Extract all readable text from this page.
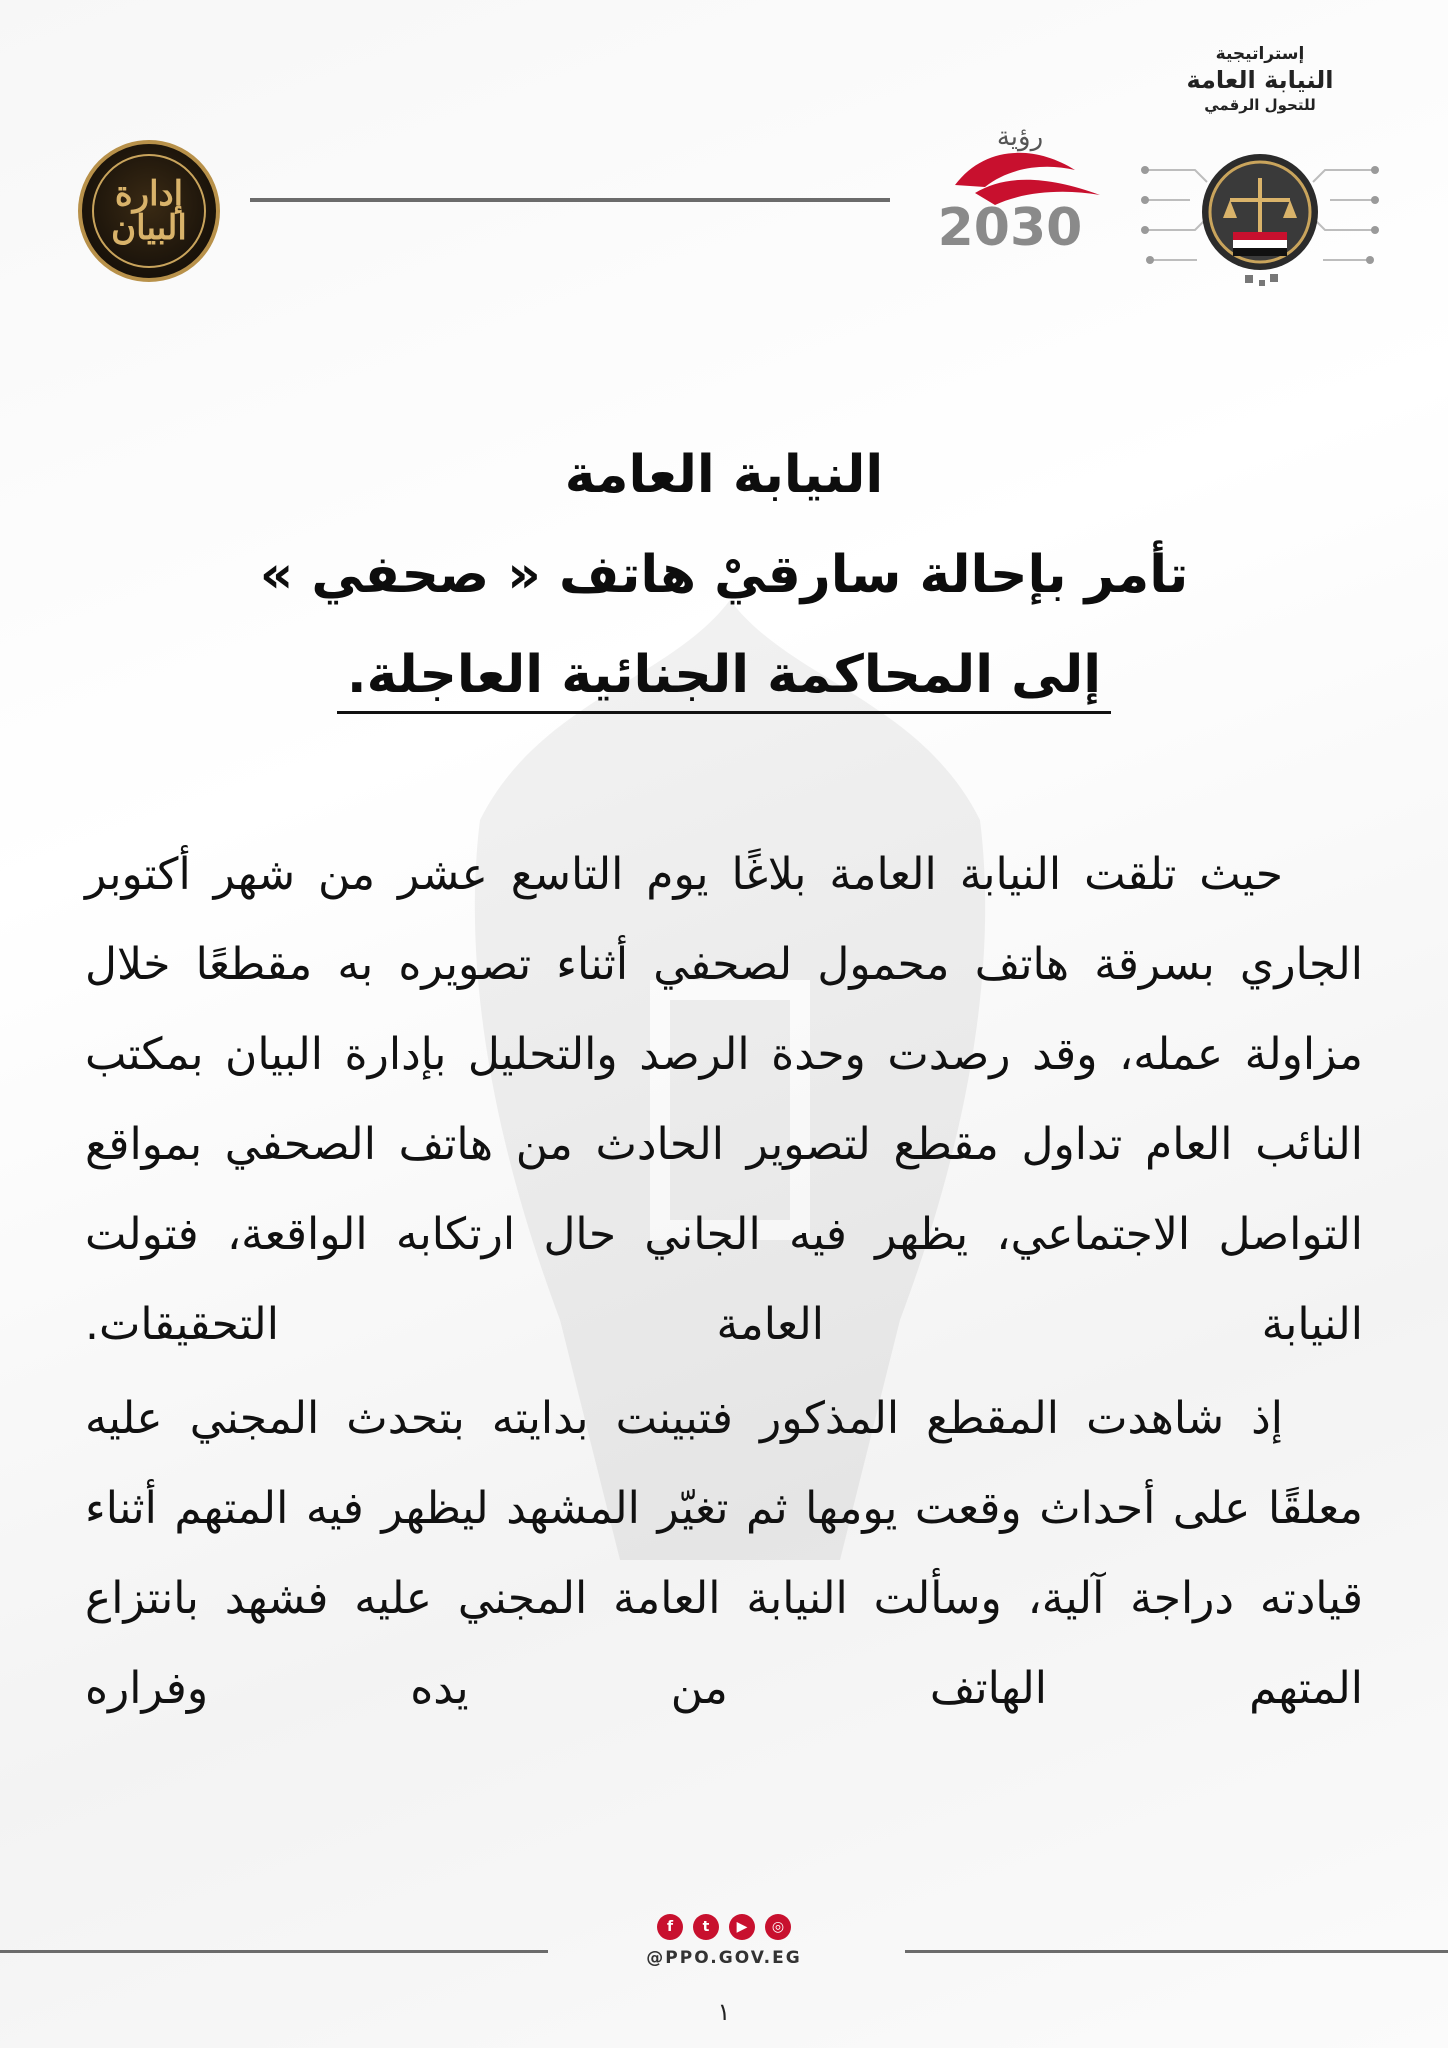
إدارة البيان
رؤية
2030
إستراتيجية
النيابة العامة
للتحول الرقمي
النيابة العامة
تأمر بإحالة سارقيْ هاتف « صحفي »
إلى المحاكمة الجنائية العاجلة.

حيث تلقت النيابة العامة بلاغًا يوم التاسع عشر من شهر أكتوبر الجاري بسرقة هاتف محمول لصحفي أثناء تصويره به مقطعًا خلال مزاولة عمله، وقد رصدت وحدة الرصد والتحليل بإدارة البيان بمكتب النائب العام تداول مقطع لتصوير الحادث من هاتف الصحفي بمواقع التواصل الاجتماعي، يظهر فيه الجاني حال ارتكابه الواقعة، فتولت النيابة العامة التحقيقات.

إذ شاهدت المقطع المذكور فتبينت بدايته بتحدث المجني عليه معلقًا على أحداث وقعت يومها ثم تغيّر المشهد ليظهر فيه المتهم أثناء قيادته دراجة آلية، وسألت النيابة العامة المجني عليه فشهد بانتزاع المتهم الهاتف من يده وفراره

f	t	▶	◎
@PPO.GOV.EG
١
